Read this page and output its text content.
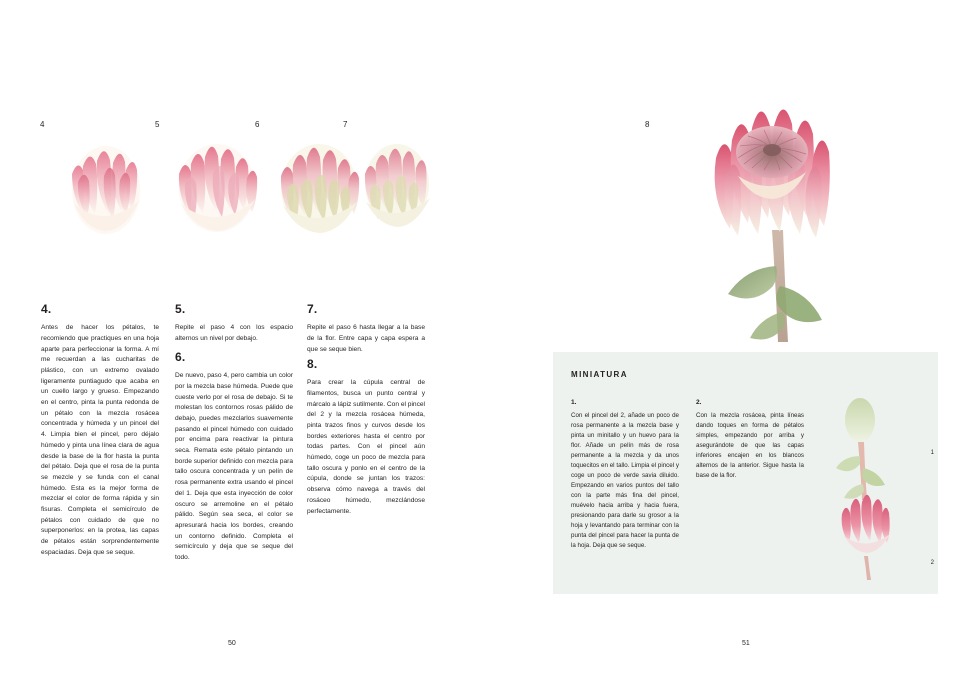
4	5	6	7	8
4.

Antes de hacer los pétalos, te recomiendo que practiques en una hoja aparte para perfeccionar la forma. A mí me recuerdan a las cucharitas de plástico, con un extremo ovalado ligeramente puntiagudo que acaba en un cuello largo y grueso. Empezando en el centro, pinta la punta redonda de un pétalo con la mezcla rosácea concentrada y húmeda y un pincel del 4. Limpia bien el pincel, pero déjalo húmedo y pinta una línea clara de agua desde la base de la flor hasta la punta del pétalo. Deja que el rosa de la punta se mezcle y se funda con el canal húmedo. Esta es la mejor forma de mezclar el color de forma rápida y sin fisuras. Completa el semicírculo de pétalos con cuidado de que no superponerlos: en la protea, las capas de pétalos están sorprendentemente espaciadas. Deja que se seque.

5.

Repite el paso 4 con los espacio alternos un nivel por debajo.

6.

De nuevo, paso 4, pero cambia un color por la mezcla base húmeda. Puede que cueste verlo por el rosa de debajo. Si te molestan los contornos rosas pálido de debajo, puedes mezclarlos suavemente pasando el pincel húmedo con cuidado por encima para reactivar la pintura seca. Remata este pétalo pintando un borde superior definido con mezcla para tallo oscura concentrada y un pelín de rosa permanente extra usando el pincel del 1. Deja que esta inyección de color oscuro se arremoline en el pétalo pálido. Según sea seca, el color se apresurará hacia los bordes, creando un contorno definido. Completa el semicírculo y deja que se seque del todo.

7.

Repite el paso 6 hasta llegar a la base de la flor. Entre capa y capa espera a que se seque bien.

8.

Para crear la cúpula central de filamentos, busca un punto central y márcalo a lápiz sutilmente. Con el pincel del 2 y la mezcla rosácea húmeda, pinta trazos finos y curvos desde los bordes exteriores hasta el centro por todas partes. Con el pincel aún húmedo, coge un poco de mezcla para tallo oscura y ponlo en el centro de la cúpula, donde se juntan los trazos: observa cómo navega a través del rosáceo húmedo, mezclándose perfectamente.

MINIATURA
1.
Con el pincel del 2, añade un poco de rosa permanente a la mezcla base y pinta un minitallo y un huevo para la flor. Añade un pelín más de rosa permanente a la mezcla y da unos toquecitos en el tallo. Limpia el pincel y coge un poco de verde savia diluido. Empezando en varios puntos del tallo con la parte más fina del pincel, muévelo hacia arriba y hacia fuera, presionando para darle su grosor a la hoja y levantando para terminar con la punta del pincel para hacer la punta de la hoja. Deja que se seque.
2.
Con la mezcla rosácea, pinta líneas dando toques en forma de pétalos simples, empezando por arriba y asegurándote de que las capas inferiores encajen en los blancos alternos de la anterior. Sigue hasta la base de la flor.
1
2
50	51
